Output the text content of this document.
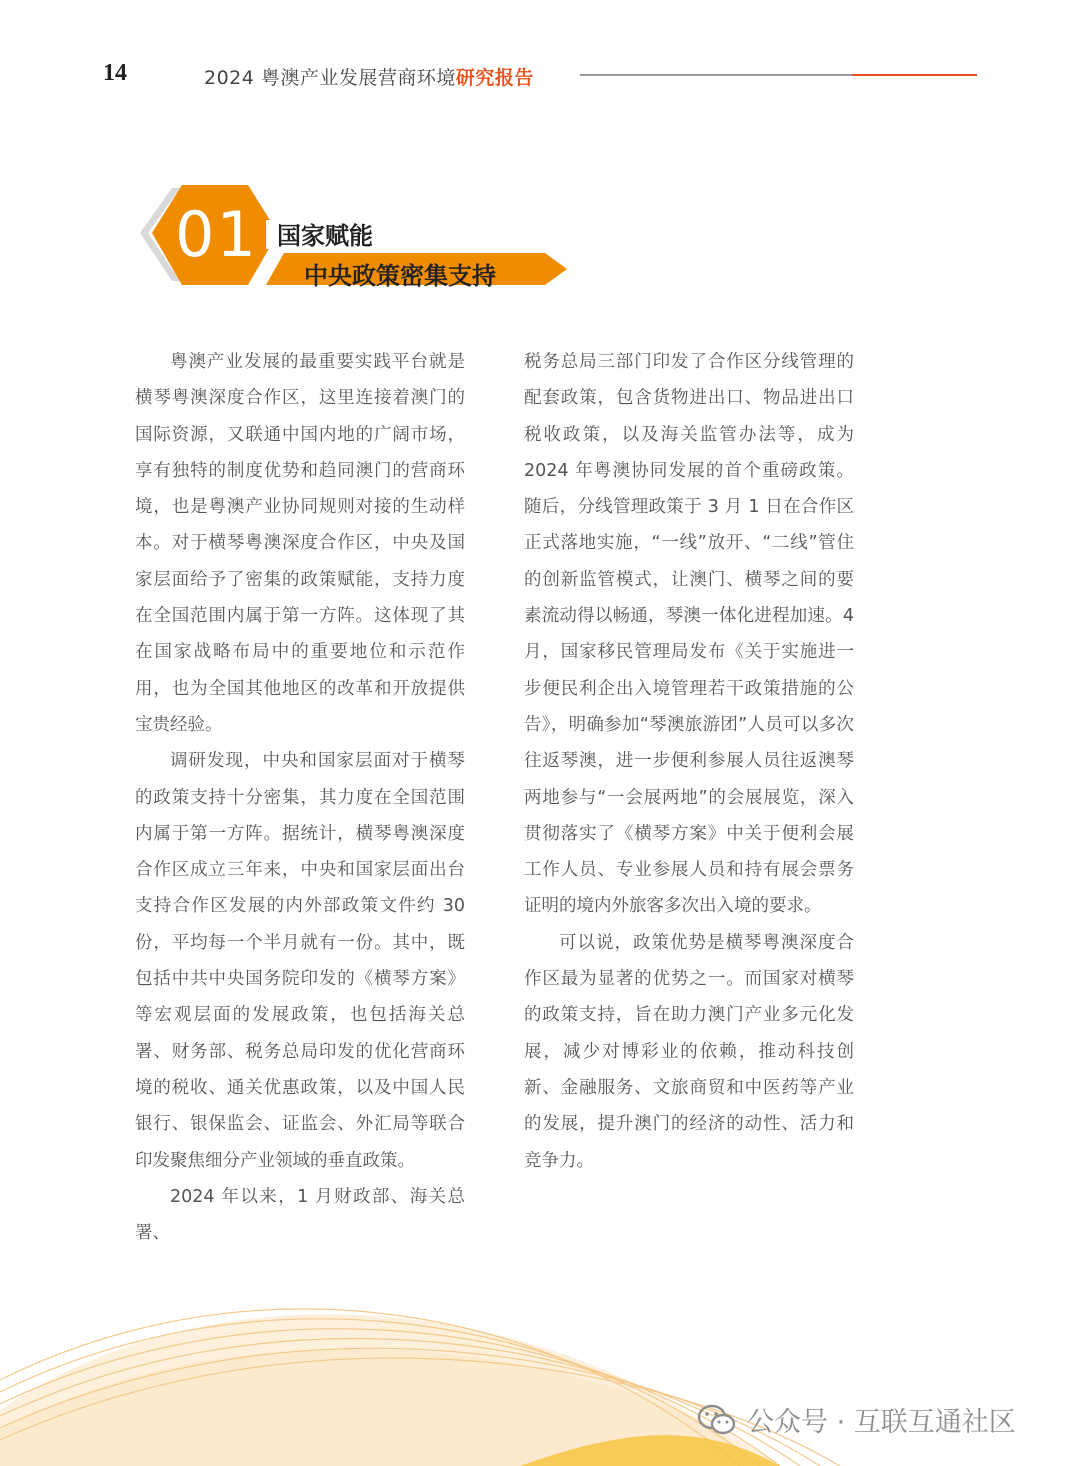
14	2024 粤澳产业发展营商环境研究报告
01 国家赋能
中央政策密集支持

粤澳产业发展的最重要实践平台就是横琴粤澳深度合作区，这里连接着澳门的国际资源，又联通中国内地的广阔市场，享有独特的制度优势和趋同澳门的营商环境，也是粤澳产业协同规则对接的生动样本。对于横琴粤澳深度合作区，中央及国家层面给予了密集的政策赋能，支持力度在全国范围内属于第一方阵。这体现了其在国家战略布局中的重要地位和示范作用，也为全国其他地区的改革和开放提供宝贵经验。

调研发现，中央和国家层面对于横琴的政策支持十分密集，其力度在全国范围内属于第一方阵。据统计，横琴粤澳深度合作区成立三年来，中央和国家层面出台支持合作区发展的内外部政策文件约 30 份，平均每一个半月就有一份。其中，既包括中共中央国务院印发的《横琴方案》等宏观层面的发展政策，也包括海关总署、财务部、税务总局印发的优化营商环境的税收、通关优惠政策，以及中国人民银行、银保监会、证监会、外汇局等联合印发聚焦细分产业领域的垂直政策。

2024 年以来，1 月财政部、海关总署、

税务总局三部门印发了合作区分线管理的配套政策，包含货物进出口、物品进出口税收政策，以及海关监管办法等，成为 2024 年粤澳协同发展的首个重磅政策。随后，分线管理政策于 3 月 1 日在合作区正式落地实施，“一线”放开、“二线”管住的创新监管模式，让澳门、横琴之间的要素流动得以畅通，琴澳一体化进程加速。4 月，国家移民管理局发布《关于实施进一步便民利企出入境管理若干政策措施的公告》，明确参加“琴澳旅游团”人员可以多次往返琴澳，进一步便利参展人员往返澳琴两地参与“一会展两地”的会展展览，深入贯彻落实了《横琴方案》中关于便利会展工作人员、专业参展人员和持有展会票务证明的境内外旅客多次出入境的要求。

可以说，政策优势是横琴粤澳深度合作区最为显著的优势之一。而国家对横琴的政策支持，旨在助力澳门产业多元化发展，减少对博彩业的依赖，推动科技创新、金融服务、文旅商贸和中医药等产业的发展，提升澳门的经济的动性、活力和竞争力。

公众号 · 互联互通社区
